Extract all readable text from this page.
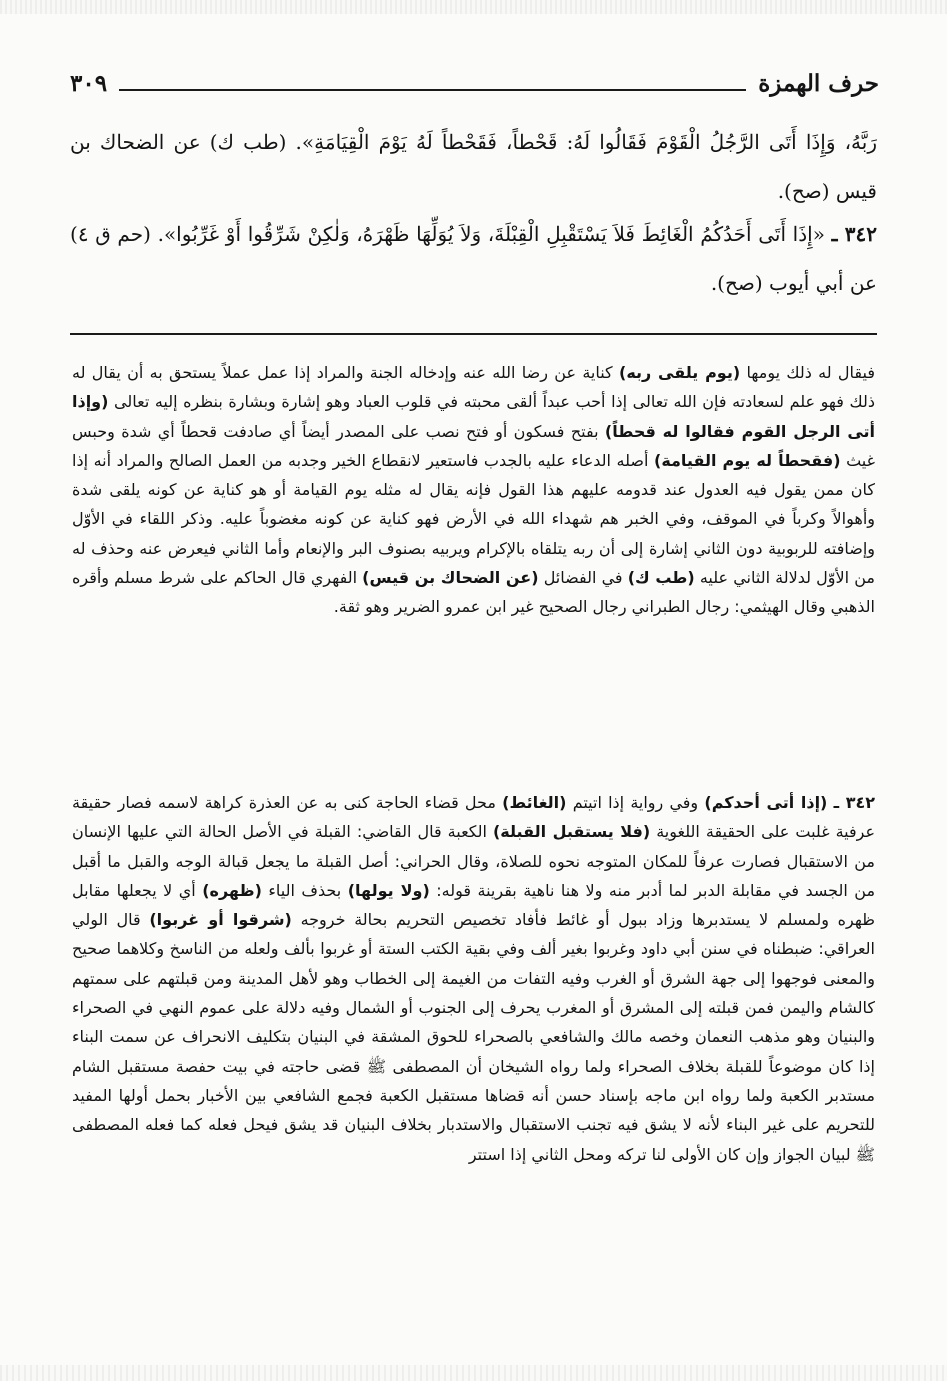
حرف الهمزة
٣٠٩
رَبَّهُ، وَإِذَا أَتَى الرَّجُلُ الْقَوْمَ فَقَالُوا لَهُ: قَحْطاً، فَقَحْطاً لَهُ يَوْمَ الْقِيَامَةِ». (طب ك) عن الضحاك بن قيس (صح).
٣٤٢ ـ «إِذَا أَتَى أَحَدُكُمُ الْغَائِطَ فَلاَ يَسْتَقْبِلِ الْقِبْلَةَ، وَلاَ يُوَلِّهَا ظَهْرَهُ، وَلٰكِنْ شَرِّقُوا أَوْ غَرِّبُوا». (حم ق ٤) عن أبي أيوب (صح).
فيقال له ذلك يومها (يوم يلقى ربه) كناية عن رضا الله عنه وإدخاله الجنة والمراد إذا عمل عملاً يستحق به أن يقال له ذلك فهو علم لسعادته فإن الله تعالى إذا أحب عبداً ألقى محبته في قلوب العباد وهو إشارة وبشارة بنظره إليه تعالى (وإذا أتى الرجل القوم فقالوا له قحطاً) بفتح فسكون أو فتح نصب على المصدر أيضاً أي صادفت قحطاً أي شدة وحبس غيث (فقحطاً له يوم القيامة) أصله الدعاء عليه بالجدب فاستعير لانقطاع الخير وجدبه من العمل الصالح والمراد أنه إذا كان ممن يقول فيه العدول عند قدومه عليهم هذا القول فإنه يقال له مثله يوم القيامة أو هو كناية عن كونه يلقى شدة وأهوالاً وكرباً في الموقف، وفي الخبر هم شهداء الله في الأرض فهو كناية عن كونه مغضوباً عليه. وذكر اللقاء في الأوّل وإضافته للربوبية دون الثاني إشارة إلى أن ربه يتلقاه بالإكرام ويربيه بصنوف البر والإنعام وأما الثاني فيعرض عنه وحذف له من الأوّل لدلالة الثاني عليه (طب ك) في الفضائل (عن الضحاك بن قيس) الفهري قال الحاكم على شرط مسلم وأقره الذهبي وقال الهيثمي: رجال الطبراني رجال الصحيح غير ابن عمرو الضرير وهو ثقة.
٣٤٢ ـ (إذا أتى أحدكم) وفي رواية إذا اتيتم (الغائط) محل قضاء الحاجة كنى به عن العذرة كراهة لاسمه فصار حقيقة عرفية غلبت على الحقيقة اللغوية (فلا يستقبل القبلة) الكعبة قال القاضي: القبلة في الأصل الحالة التي عليها الإنسان من الاستقبال فصارت عرفاً للمكان المتوجه نحوه للصلاة، وقال الحراني: أصل القبلة ما يجعل قبالة الوجه والقبل ما أقبل من الجسد في مقابلة الدبر لما أدبر منه ولا هنا ناهية بقرينة قوله: (ولا يولها) بحذف الياء (ظهره) أي لا يجعلها مقابل ظهره ولمسلم لا يستدبرها وزاد ببول أو غائط فأفاد تخصيص التحريم بحالة خروجه (شرقوا أو غربوا) قال الولي العراقي: ضبطناه في سنن أبي داود وغربوا بغير ألف وفي بقية الكتب الستة أو غربوا بألف ولعله من الناسخ وكلاهما صحيح والمعنى فوجهوا إلى جهة الشرق أو الغرب وفيه التفات من الغيمة إلى الخطاب وهو لأهل المدينة ومن قبلتهم على سمتهم كالشام واليمن فمن قبلته إلى المشرق أو المغرب يحرف إلى الجنوب أو الشمال وفيه دلالة على عموم النهي في الصحراء والبنيان وهو مذهب النعمان وخصه مالك والشافعي بالصحراء للحوق المشقة في البنيان بتكليف الانحراف عن سمت البناء إذا كان موضوعاً للقبلة بخلاف الصحراء ولما رواه الشيخان أن المصطفى ﷺ قضى حاجته في بيت حفصة مستقبل الشام مستدبر الكعبة ولما رواه ابن ماجه بإسناد حسن أنه قضاها مستقبل الكعبة فجمع الشافعي بين الأخبار بحمل أولها المفيد للتحريم على غير البناء لأنه لا يشق فيه تجنب الاستقبال والاستدبار بخلاف البنيان قد يشق فيحل فعله كما فعله المصطفى ﷺ لبيان الجواز وإن كان الأولى لنا تركه ومحل الثاني إذا استتر
